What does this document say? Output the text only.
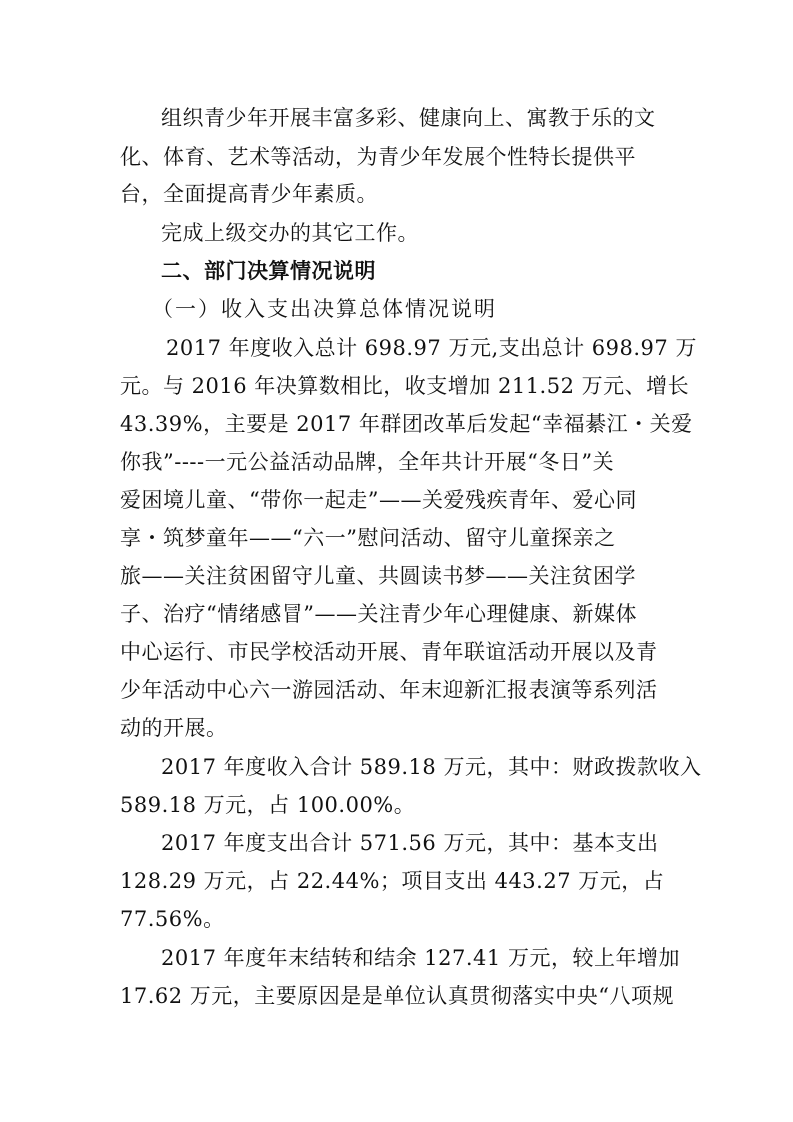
组织青少年开展丰富多彩、健康向上、寓教于乐的文
化、体育、艺术等活动，为青少年发展个性特长提供平
台，全面提高青少年素质。
完成上级交办的其它工作。
二、部门决算情况说明
（一）收入支出决算总体情况说明
2017 年度收入总计 698.97 万元,支出总计 698.97 万
元。与 2016 年决算数相比，收支增加 211.52 万元、增长
43.39%，主要是 2017 年群团改革后发起“幸福綦江・关爱
你我”----一元公益活动品牌，全年共计开展“冬日”关
爱困境儿童、“带你一起走”——关爱残疾青年、爱心同
享・筑梦童年——“六一”慰问活动、留守儿童探亲之
旅——关注贫困留守儿童、共圆读书梦——关注贫困学
子、治疗“情绪感冒”——关注青少年心理健康、新媒体
中心运行、市民学校活动开展、青年联谊活动开展以及青
少年活动中心六一游园活动、年末迎新汇报表演等系列活
动的开展。
2017 年度收入合计 589.18 万元，其中：财政拨款收入
589.18 万元，占 100.00%。
2017 年度支出合计 571.56 万元，其中：基本支出
128.29 万元，占 22.44%；项目支出 443.27 万元，占
77.56%。
2017 年度年末结转和结余 127.41 万元，较上年增加
17.62 万元，主要原因是是单位认真贯彻落实中央“八项规
